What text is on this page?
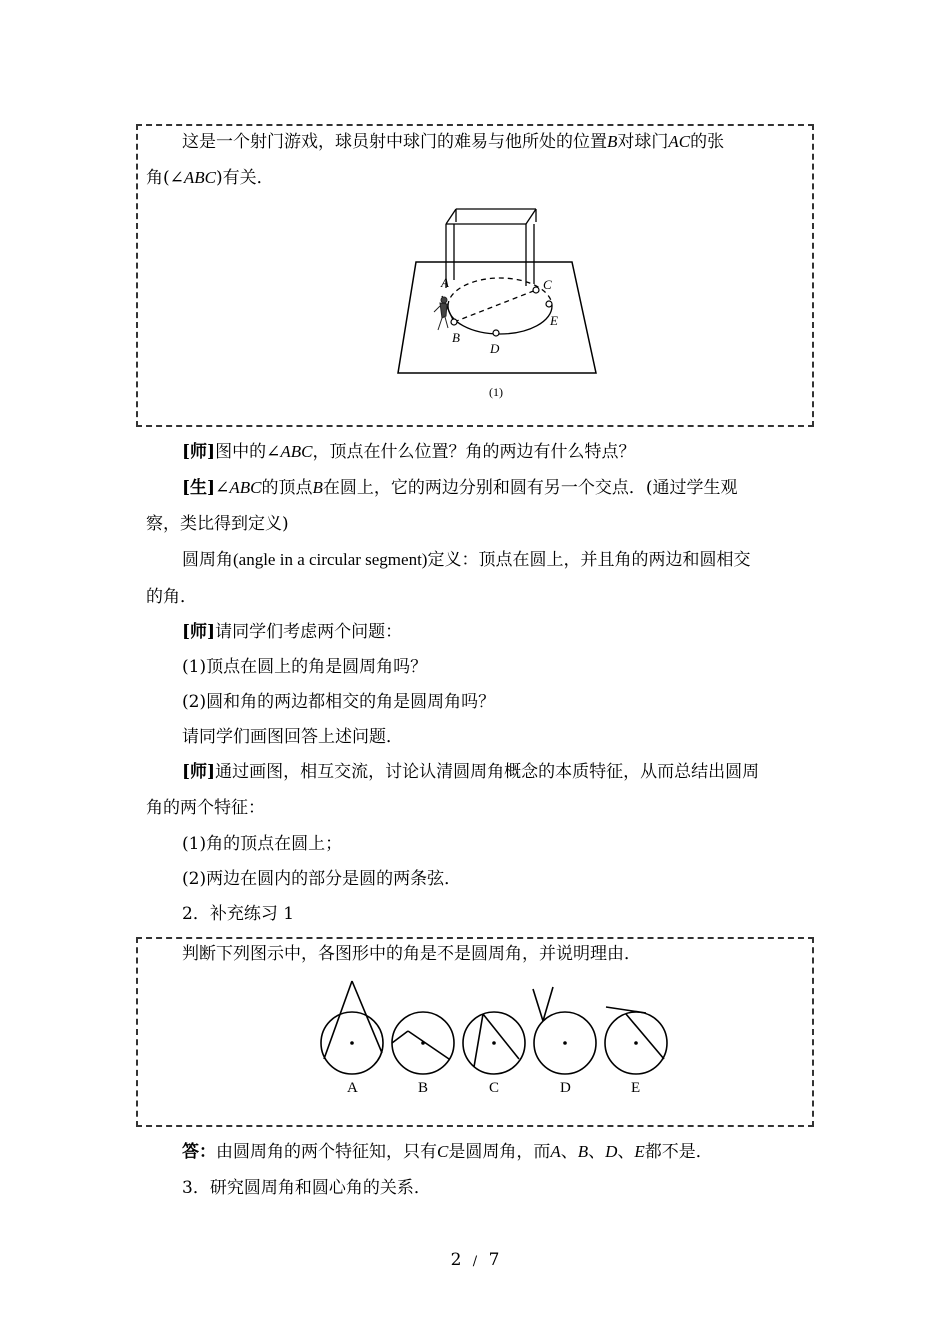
这是一个射门游戏，球员射中球门的难易与他所处的位置B对球门AC的张
角(∠ABC)有关．
A
B
C
E
D
(1)
[师]图中的∠ABC，顶点在什么位置？角的两边有什么特点？
[生]∠ABC的顶点B在圆上，它的两边分别和圆有另一个交点．(通过学生观
察，类比得到定义)
圆周角(angle in a circular segment)定义：顶点在圆上，并且角的两边和圆相交
的角．
[师]请同学们考虑两个问题：
(1)顶点在圆上的角是圆周角吗？
(2)圆和角的两边都相交的角是圆周角吗？
请同学们画图回答上述问题．
[师]通过画图，相互交流，讨论认清圆周角概念的本质特征，从而总结出圆周
角的两个特征：
(1)角的顶点在圆上；
(2)两边在圆内的部分是圆的两条弦．
2．补充练习 1
判断下列图示中，各图形中的角是不是圆周角，并说明理由．
A	B	C	D	E
答：由圆周角的两个特征知，只有C是圆周角，而A、B、D、E都不是．
3．研究圆周角和圆心角的关系．
2 / 7
